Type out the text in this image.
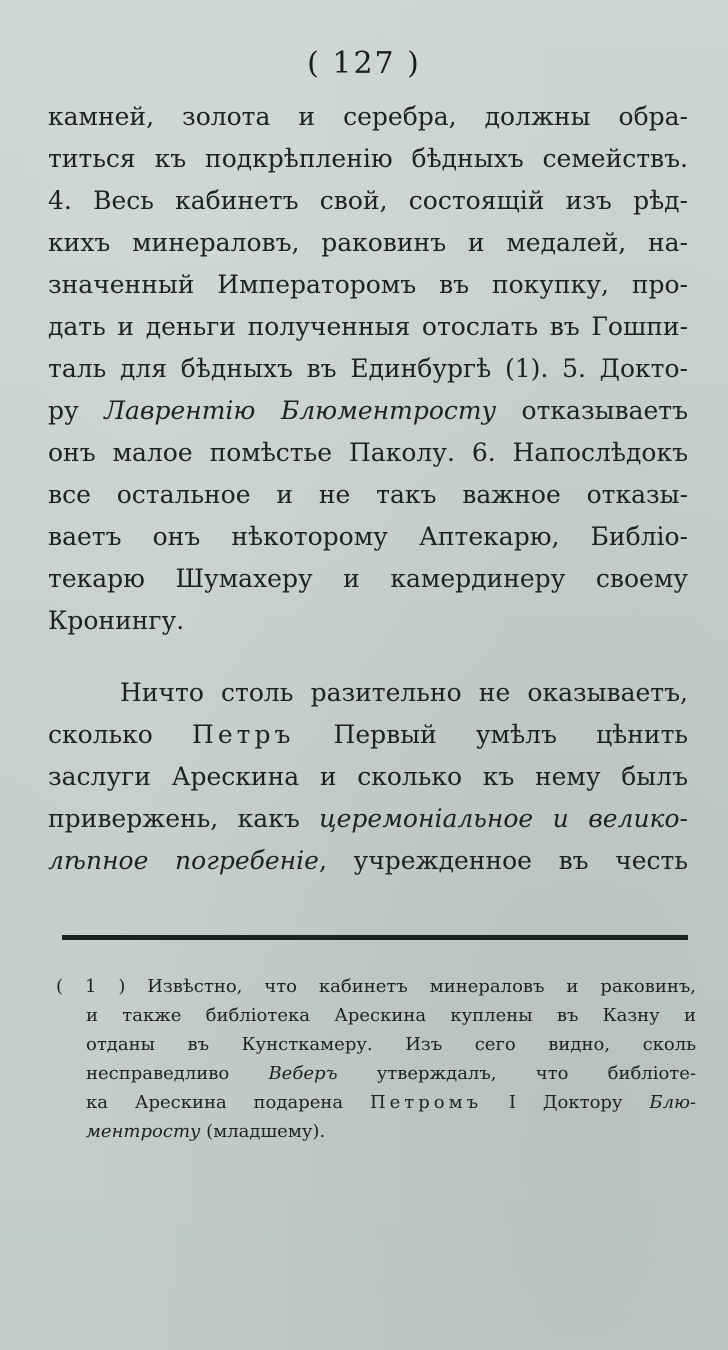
( 127 )
камней, золота и серебра, должны обра-
титься къ подкрѣпленію бѣдныхъ семействъ.
4. Весь кабинетъ свой, состоящій изъ рѣд-
кихъ минераловъ, раковинъ и медалей, на-
значенный Императоромъ въ покупку, про-
дать и деньги полученныя отослать въ Гошпи-
таль для бѣдныхъ въ Единбургѣ (1). 5. Докто-
ру Лаврентію Блюментросту отказываетъ
онъ малое помѣстье Паколу. 6. Напослѣдокъ
все остальное и не такъ важное отказы-
ваетъ онъ нѣкоторому Аптекарю, Библіо-
текарю Шумахеру и камердинеру своему
Кронингу.
Ничто столь разительно не оказываетъ,
сколько Петръ Первый умѣлъ цѣнить
заслуги Арескина и сколько къ нему былъ
привержень, какъ церемоніальное и велико-
лѣпное погребеніе, учрежденное въ честь
( 1 ) Извѣстно, что кабинетъ минераловъ и раковинъ,
и также библіотека Арескина куплены въ Казну и
отданы въ Кунсткамеру. Изъ сего видно, сколь
несправедливо Веберъ утверждалъ, что библіоте-
ка Арескина подарена Петромъ I Доктору Блю-
ментросту (младшему).
